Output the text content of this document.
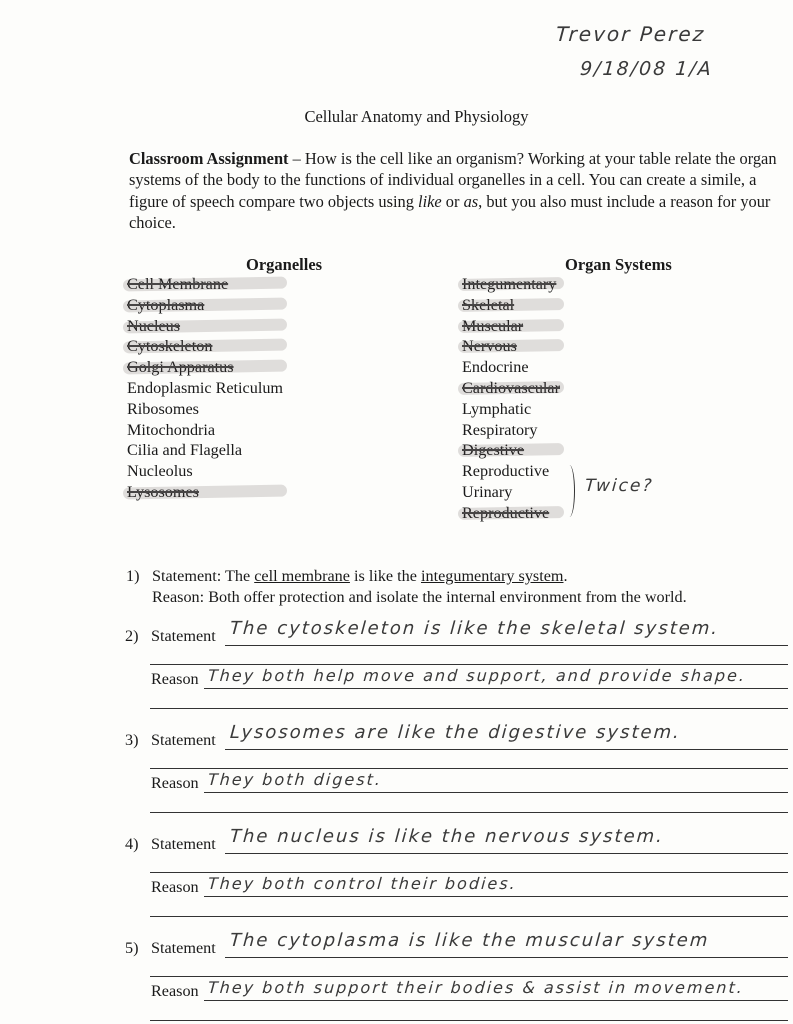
Trevor Perez
9/18/08 1/A
Cellular Anatomy and Physiology
Classroom Assignment – How is the cell like an organism? Working at your table relate the organ systems of the body to the functions of individual organelles in a cell. You can create a simile, a figure of speech compare two objects using like or as, but you also must include a reason for your choice.
Organelles	Organ Systems
Cell Membrane
Cytoplasma
Nucleus
Cytoskeleton
Golgi Apparatus
Endoplasmic Reticulum
Ribosomes
Mitochondria
Cilia and Flagella
Nucleolus
Lysosomes
Integumentary
Skeletal
Muscular
Nervous
Endocrine
Cardiovascular
Lymphatic
Respiratory
Digestive
Reproductive
Urinary
Reproductive
Twice?
1) Statement: The cell membrane is like the integumentary system.
Reason: Both offer protection and isolate the internal environment from the world.
2) Statement The cytoskeleton is like the skeletal system.
Reason They both help move and support, and provide shape.
3) Statement Lysosomes are like the digestive system.
Reason They both digest.
4) Statement The nucleus is like the nervous system.
Reason They both control their bodies.
5) Statement The cytoplasma is like the muscular system
Reason They both support their bodies & assist in movement.
